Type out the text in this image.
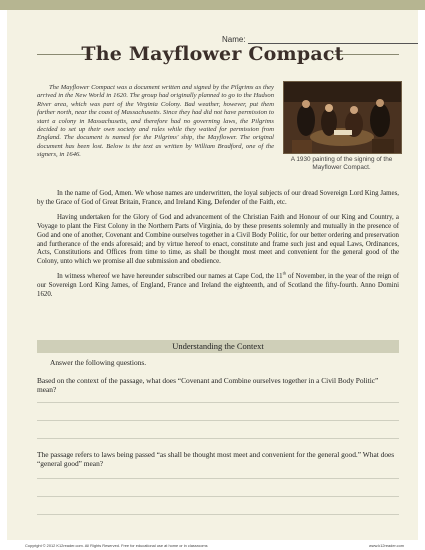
Name:
The Mayflower Compact

The Mayflower Compact was a document written and signed by the Pilgrims as they arrived in the New World in 1620. The group had originally planned to go to the Hudson River area, which was part of the Virginia Colony. Bad weather, however, put them farther north, near the coast of Massachusetts. Since they had did not have permission to start a colony in Massachusetts, and therefore had no governing laws, the Pilgrims decided to set up their own society and rules while they waited for permission from England. The document is named for the Pilgrims' ship, the Mayflower. The original document has been lost. Below is the text as written by William Bradford, one of the signers, in 1646.

A 1930 painting of the signing of the Mayflower Compact.

In the name of God, Amen. We whose names are underwritten, the loyal subjects of our dread Sovereign Lord King James, by the Grace of God of Great Britain, France, and Ireland King, Defender of the Faith, etc.

Having undertaken for the Glory of God and advancement of the Christian Faith and Honour of our King and Country, a Voyage to plant the First Colony in the Northern Parts of Virginia, do by these presents solemnly and mutually in the presence of God and one of another, Covenant and Combine ourselves together in a Civil Body Politic, for our better ordering and preservation and furtherance of the ends aforesaid; and by virtue hereof to enact, constitute and frame such just and equal Laws, Ordinances, Acts, Constitutions and Offices from time to time, as shall be thought most meet and convenient for the general good of the Colony, unto which we promise all due submission and obedience.

In witness whereof we have hereunder subscribed our names at Cape Cod, the 11th of November, in the year of the reign of our Sovereign Lord King James, of England, France and Ireland the eighteenth, and of Scotland the fifty-fourth. Anno Domini 1620.

Understanding the Context
Answer the following questions.
Based on the context of the passage, what does “Covenant and Combine ourselves together in a Civil Body Politic” mean?
The passage refers to laws being passed “as shall be thought most meet and convenient for the general good.” What does “general good” mean?
Copyright © 2012 K12reader.com. All Rights Reserved. Free for educational use at home or in classrooms	www.k12reader.com
